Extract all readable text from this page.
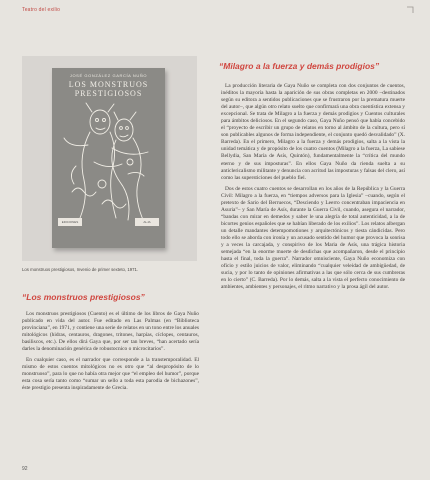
Teatro del exilio
JOSÉ GONZÁLEZ GARCÍA NUÑO
LOS MONSTRUOS
PRESTIGIOSOS
EDICIONES	ALJA
Los monstruos prestigiosos, Invenio de primer sexteto, 1971.
“Los monstruos prestigiosos”

Los monstruos prestigiosos (Cuento) es el último de los libros de Gaya Nuño publicado en vida del autor. Fue editado en Las Palmas (en “Biblioteca provinciana”, en 1971, y contiene una serie de relatos en un tono entre los anuales mitológicos (hidras, centauros, dragones, tritones, harpías, cíclopes, centauros, basiliscos, etc.). De ellos dirá Gaya que, por ser tan breves, “han acertado sería darles la denominación genérica de robustocnico o microcitarios”.

En cualquier caso, es el narrador que corresponde a la transtemporalidad. El mismo de estos cuentos mitológicos no es otro que “al despropósito de lo monstruoso”, para lo que no había otra mejor que “el empleo del humor”, porque esta cosa sería tanto como “sumar un sello a toda esta parodia de bichazones”, éste prestigio presenta inspiradamente de Grecia.

“Milagro a la fuerza y demás prodigios”

La producción literaria de Gaya Nuño se completa con dos conjuntos de cuentos, inéditos la mayoría hasta la aparición de sus obras completas en 2000 –destinados según su editora a sentidos publicaciones que se frustraron por la prematura muerte del autor–, que algún otro relato suelto que confirmará una obra cuentística extensa y excepcional. Se trata de Milagro a la fuerza y demás prodigios y Cuentos culturales para ámbitos deliciosos. En el segundo caso, Gaya Nuño pensó que había concebido el “proyecto de escribir un grupo de relatos en torno al ámbito de la cultura, pero sí son publicables algunos de forma independiente, el conjunto quedó desvalidado” (X. Barreda). En el primero, Milagro a la fuerza y demás prodigios, salta a la vista la unidad temática y de propósito de los cuatro cuentos (Milagro a la fuerza, La sabiese Bellydia, San María de Asís, Quintón), fundamentalmente la “crítica del mundo eterno y de sus imposturas”. En ellos Gaya Nuño da rienda suelta a su anticlericalismo militante y denuncia con acritud las imposturas y falsas del clero, así como las supersticiones del pueblo fiel.

Dos de estos cuatro cuentos se desarrollan en los años de la República y la Guerra Civil: Milagro a la fuerza, en “tiempos adversos para la Iglesia” –cuando, según el pretexto de Sario del Berruecos, “Desciendo y Leerro concentraban impaciencia en Asuria”– y San María de Asís, durante la Guerra Civil, cuando, asegura el narrador, “bandas con mirar en demedos y saber le una alegría de total autenticidad, a la de bicortes genios españoles que se habían liberado de los exilios”. Los relatos albergan un detalle mandantes detempomotiones y arquitectónicos y tiesta cándicidas. Pero todo ello se aborda con ironía y un acusado sentido del humor que provoca la sonrisa y a veces la carcajada, y conspirivo de los Maria de Asís, una trágica historia semejada “en la enorme muerte de desdichas que acompañaron, desde el principio hasta el final, toda la guerra”. Narrador omnisciente, Gaya Nuño economiza con oficio y estilo juicios de valor, eliminando “cualquier veleidad de ambigüedad, de sucia, y por lo tanto de opiniones afirmativas a las que sólo cerca de sus cumbreras en lo cierto” (C. Barreda). Por lo demás, salta a la vista el perfecto conocimiento de ambientes, ambientes y personajes, el ritmo narrativo y la prosa ágil del autor.

92
